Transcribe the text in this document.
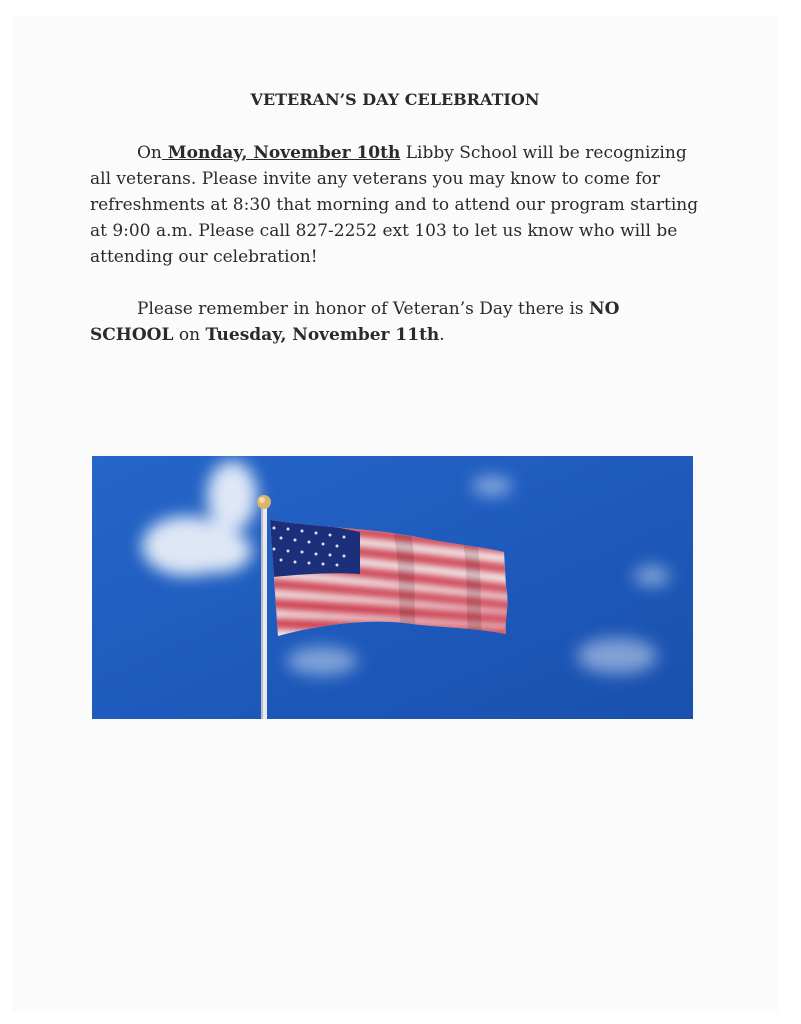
VETERAN’S DAY CELEBRATION

On Monday, November 10th Libby School will be recognizing all veterans. Please invite any veterans you may know to come for refreshments at 8:30 that morning and to attend our program starting at 9:00 a.m. Please call 827-2252 ext 103 to let us know who will be attending our celebration!

Please remember in honor of Veteran’s Day there is NO SCHOOL on Tuesday, November 11th.
